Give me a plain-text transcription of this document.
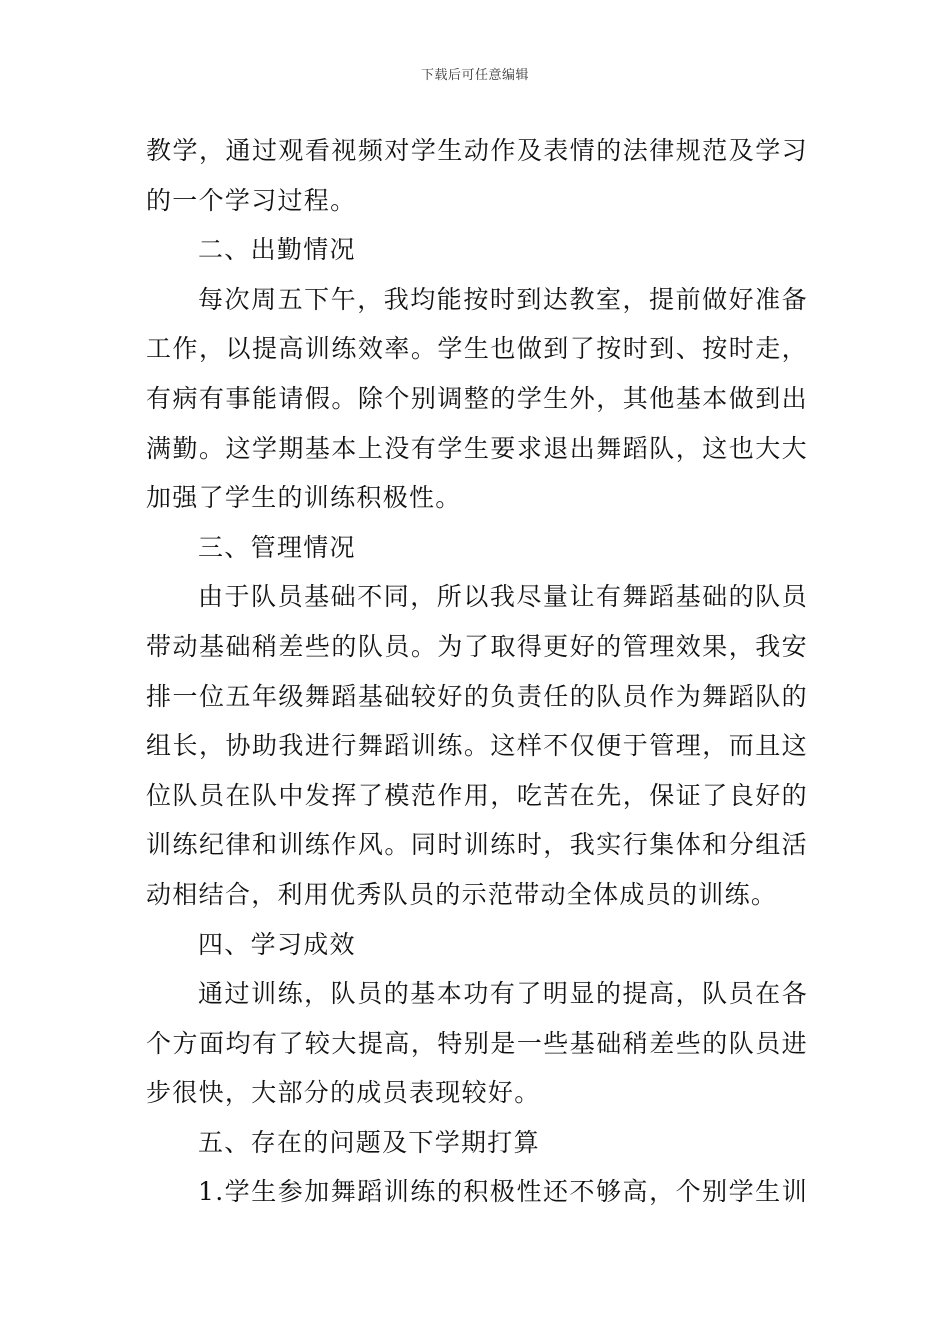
下载后可任意编辑
教学，通过观看视频对学生动作及表情的法律规范及学习
的一个学习过程。
二、出勤情况
每次周五下午，我均能按时到达教室，提前做好准备
工作，以提高训练效率。学生也做到了按时到、按时走，
有病有事能请假。除个别调整的学生外，其他基本做到出
满勤。这学期基本上没有学生要求退出舞蹈队，这也大大
加强了学生的训练积极性。
三、管理情况
由于队员基础不同，所以我尽量让有舞蹈基础的队员
带动基础稍差些的队员。为了取得更好的管理效果，我安
排一位五年级舞蹈基础较好的负责任的队员作为舞蹈队的
组长，协助我进行舞蹈训练。这样不仅便于管理，而且这
位队员在队中发挥了模范作用，吃苦在先，保证了良好的
训练纪律和训练作风。同时训练时，我实行集体和分组活
动相结合，利用优秀队员的示范带动全体成员的训练。
四、学习成效
通过训练，队员的基本功有了明显的提高，队员在各
个方面均有了较大提高，特别是一些基础稍差些的队员进
步很快，大部分的成员表现较好。
五、存在的问题及下学期打算
1.学生参加舞蹈训练的积极性还不够高，个别学生训
